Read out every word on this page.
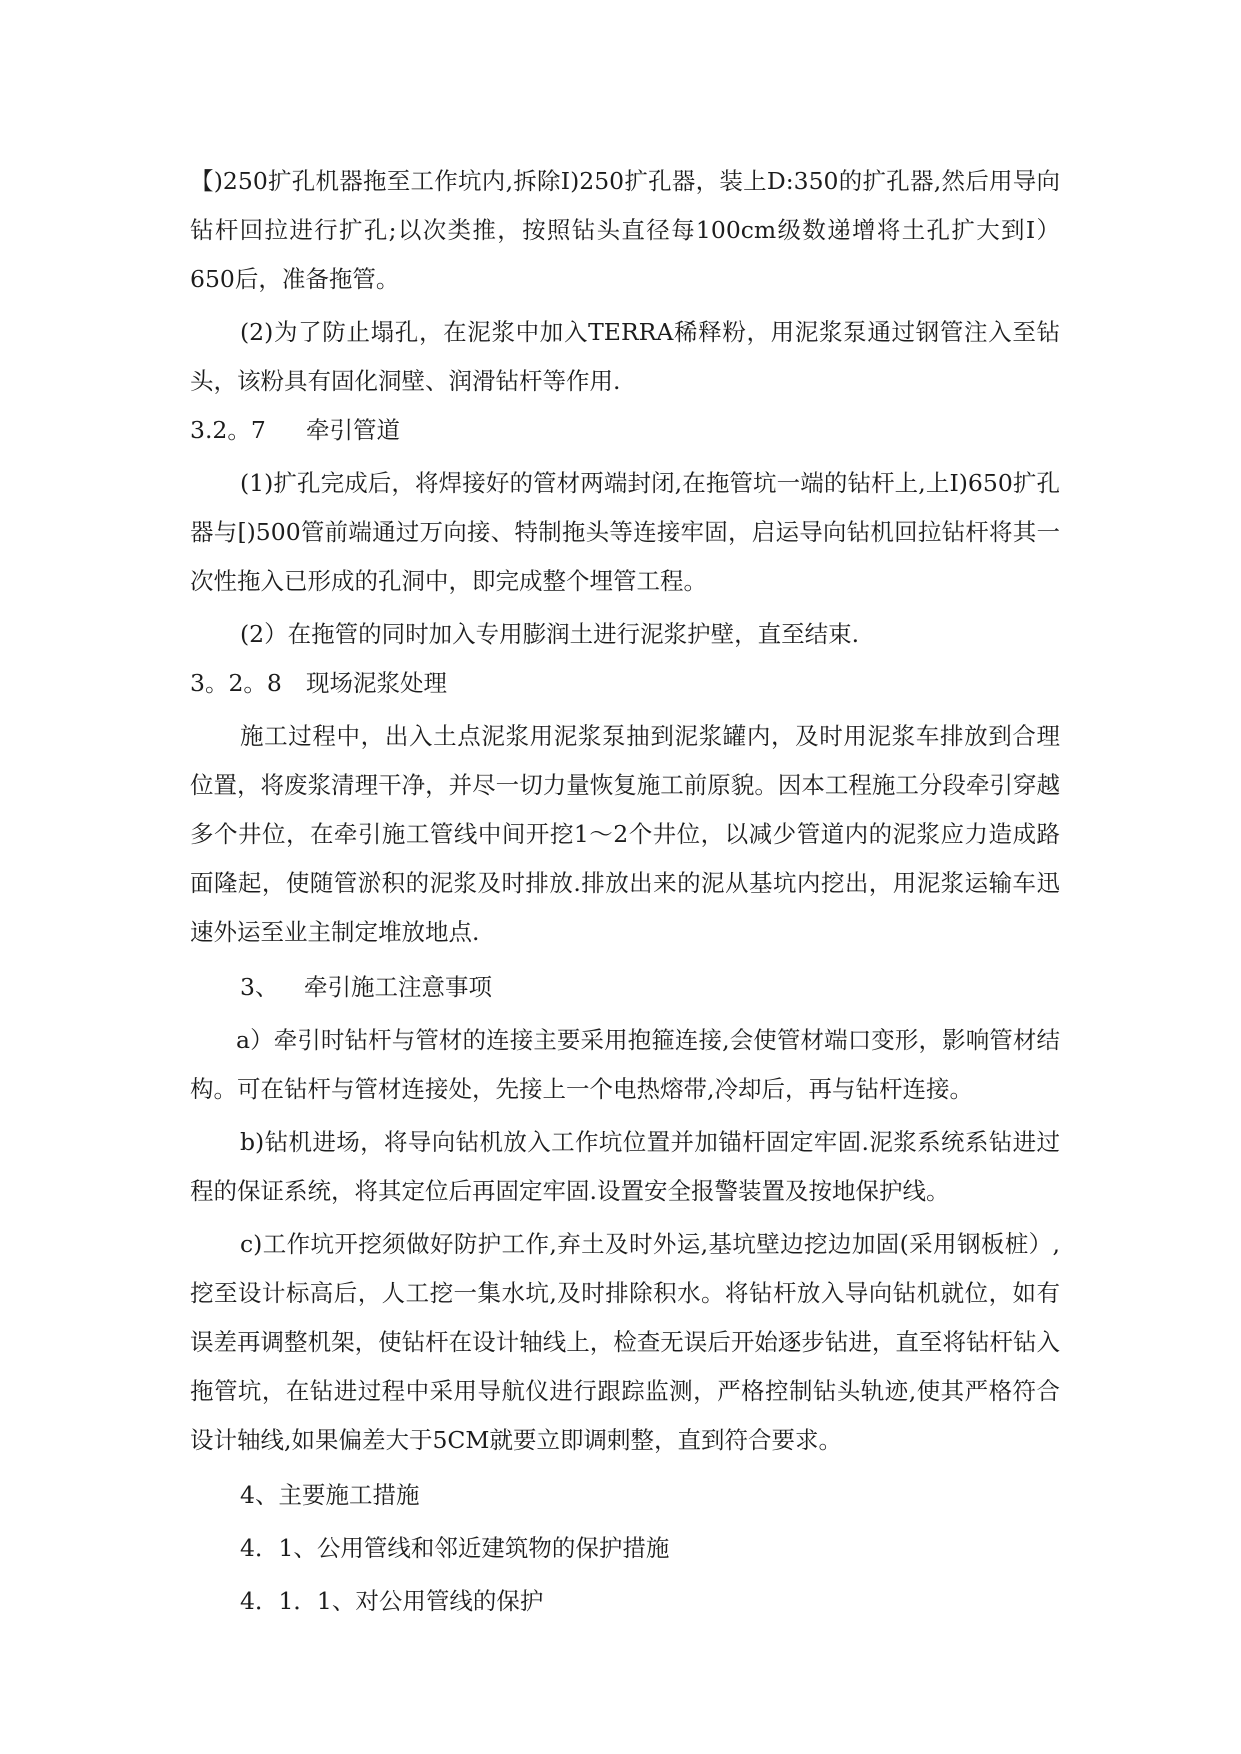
【)250扩孔机器拖至工作坑内,拆除I)250扩孔器，装上D:350的扩孔器,然后用导向钻杆回拉进行扩孔;以次类推，按照钻头直径每100cm级数递增将土孔扩大到I）650后，准备拖管。

(2)为了防止塌孔，在泥浆中加入TERRA稀释粉，用泥浆泵通过钢管注入至钻头，该粉具有固化洞壁、润滑钻杆等作用.

3.2。7 牵引管道

(1)扩孔完成后，将焊接好的管材两端封闭,在拖管坑一端的钻杆上,上I)650扩孔器与[)500管前端通过万向接、特制拖头等连接牢固，启运导向钻机回拉钻杆将其一次性拖入已形成的孔洞中，即完成整个埋管工程。

(2）在拖管的同时加入专用膨润土进行泥浆护壁，直至结束.

3。2。8 现场泥浆处理

施工过程中，出入土点泥浆用泥浆泵抽到泥浆罐内，及时用泥浆车排放到合理位置，将废浆清理干净，并尽一切力量恢复施工前原貌。因本工程施工分段牵引穿越多个井位，在牵引施工管线中间开挖1～2个井位，以减少管道内的泥浆应力造成路面隆起，使随管淤积的泥浆及时排放.排放出来的泥从基坑内挖出，用泥浆运输车迅速外运至业主制定堆放地点.

3、 牵引施工注意事项

a）牵引时钻杆与管材的连接主要采用抱箍连接,会使管材端口变形，影响管材结构。可在钻杆与管材连接处，先接上一个电热熔带,冷却后，再与钻杆连接。

b)钻机进场，将导向钻机放入工作坑位置并加锚杆固定牢固.泥浆系统系钻进过程的保证系统，将其定位后再固定牢固.设置安全报警装置及按地保护线。

c)工作坑开挖须做好防护工作,弃土及时外运,基坑壁边挖边加固(采用钢板桩）,挖至设计标高后，人工挖一集水坑,及时排除积水。将钻杆放入导向钻机就位，如有误差再调整机架，使钻杆在设计轴线上，检查无误后开始逐步钻进，直至将钻杆钻入拖管坑，在钻进过程中采用导航仪进行跟踪监测，严格控制钻头轨迹,使其严格符合设计轴线,如果偏差大于5CM就要立即调剌整，直到符合要求。

4、主要施工措施

4．1、公用管线和邻近建筑物的保护措施

4．1．1、对公用管线的保护
